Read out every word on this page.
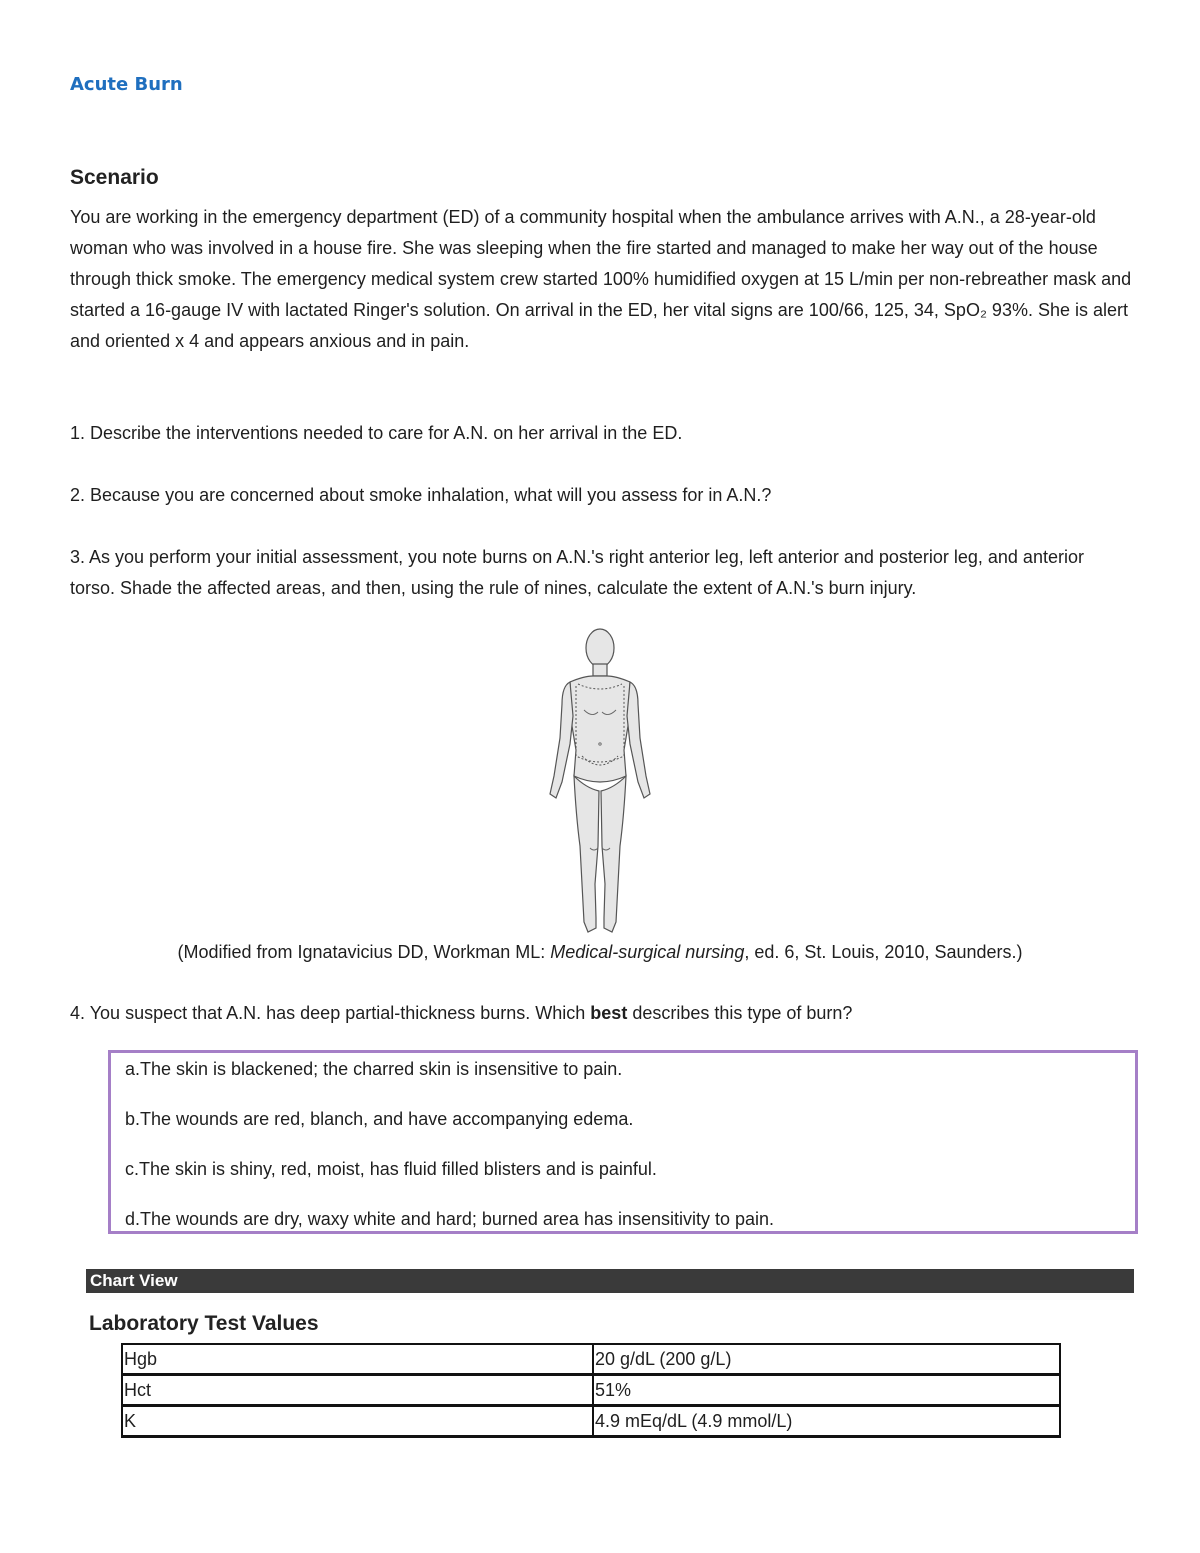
Acute Burn
Scenario
You are working in the emergency department (ED) of a community hospital when the ambulance arrives with A.N., a 28-year-old woman who was involved in a house fire. She was sleeping when the fire started and managed to make her way out of the house through thick smoke. The emergency medical system crew started 100% humidified oxygen at 15 L/min per non-rebreather mask and started a 16-gauge IV with lactated Ringer's solution. On arrival in the ED, her vital signs are 100/66, 125, 34, SpO₂ 93%. She is alert and oriented x 4 and appears anxious and in pain.
1. Describe the interventions needed to care for A.N. on her arrival in the ED.
2. Because you are concerned about smoke inhalation, what will you assess for in A.N.?
3. As you perform your initial assessment, you note burns on A.N.'s right anterior leg, left anterior and posterior leg, and anterior torso. Shade the affected areas, and then, using the rule of nines, calculate the extent of A.N.'s burn injury.
(Modified from Ignatavicius DD, Workman ML: Medical-surgical nursing, ed. 6, St. Louis, 2010, Saunders.)
4. You suspect that A.N. has deep partial-thickness burns. Which best describes this type of burn?
a.The skin is blackened; the charred skin is insensitive to pain.
b.The wounds are red, blanch, and have accompanying edema.
c.The skin is shiny, red, moist, has fluid filled blisters and is painful.
d.The wounds are dry, waxy white and hard; burned area has insensitivity to pain.
Chart View
Laboratory Test Values
Hgb	20 g/dL (200 g/L)
Hct	51%
K	4.9 mEq/dL (4.9 mmol/L)
